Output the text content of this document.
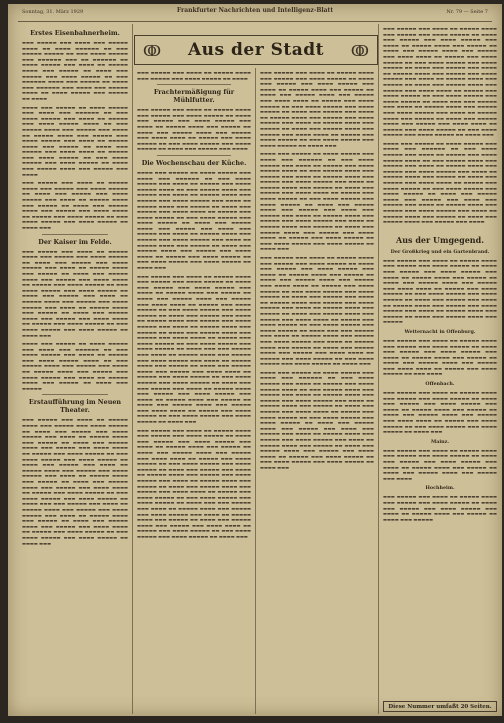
Sonntag, 31. März 1929	Frankfurter Nachrichten und Intelligenz-Blatt	Nr. 79 — Seite 7
ↂ	Aus der Stadt	ↂ
Erstes Eisenbahnerheim.

▬▬▬ ▬▬▬▬▬ ▬▬▬ ▬▬▬▬ ▬▬▬ ▬▬▬▬▬ ▬▬▬▬ ▬▬ ▬▬▬▬ ▬▬▬▬▬▬ ▬▬ ▬▬▬ ▬▬▬▬▬ ▬▬▬▬▬ ▬▬ ▬▬▬ ▬▬▬▬ ▬▬▬▬▬ ▬▬▬ ▬▬▬▬▬▬ ▬▬▬ ▬▬ ▬▬▬▬▬▬ ▬▬ ▬▬▬▬ ▬▬▬▬▬ ▬▬▬ ▬▬▬▬ ▬▬ ▬▬▬▬▬ ▬▬▬▬ ▬▬▬ ▬▬▬▬▬ ▬▬ ▬▬▬▬ ▬▬▬ ▬▬▬▬▬ ▬▬▬ ▬▬▬▬ ▬▬▬▬▬ ▬▬ ▬▬▬ ▬▬▬▬▬▬ ▬▬▬▬ ▬▬▬ ▬▬▬▬▬ ▬▬ ▬▬▬▬ ▬▬▬ ▬▬▬▬▬▬ ▬▬▬ ▬▬▬▬ ▬▬▬ ▬▬▬▬▬ ▬▬▬▬ ▬▬ ▬▬▬▬ ▬▬▬▬▬ ▬▬▬ ▬▬▬▬▬ ▬▬ ▬▬▬▬

▬▬▬▬ ▬▬▬ ▬▬▬▬▬ ▬▬ ▬▬▬▬ ▬▬▬▬▬ ▬▬▬ ▬▬▬▬ ▬▬▬ ▬▬▬▬▬▬ ▬▬ ▬▬▬ ▬▬▬▬ ▬▬▬▬▬ ▬▬▬ ▬▬▬▬ ▬▬ ▬▬▬▬▬ ▬▬▬ ▬▬▬▬ ▬▬▬▬▬ ▬▬▬▬ ▬▬ ▬▬▬ ▬▬▬▬▬ ▬▬▬▬ ▬▬▬ ▬▬▬▬▬ ▬▬▬ ▬▬▬▬ ▬▬ ▬▬▬▬▬ ▬▬▬▬ ▬▬▬ ▬▬▬▬▬ ▬▬▬ ▬▬▬▬ ▬▬▬▬▬ ▬▬▬ ▬▬▬▬ ▬▬ ▬▬▬▬▬ ▬▬▬▬ ▬▬▬ ▬▬▬▬▬ ▬▬ ▬▬▬▬ ▬▬▬ ▬▬▬▬▬ ▬▬▬ ▬▬▬▬ ▬▬▬▬ ▬▬ ▬▬▬▬▬ ▬▬▬ ▬▬▬▬ ▬▬▬▬▬ ▬▬ ▬▬▬ ▬▬▬▬ ▬▬▬▬▬ ▬▬▬ ▬▬▬▬ ▬▬▬▬▬ ▬▬ ▬▬▬▬ ▬▬▬ ▬▬▬▬▬ ▬▬▬▬ ▬▬▬ ▬▬▬▬▬ ▬▬▬ ▬▬▬▬

▬▬▬ ▬▬▬▬▬ ▬▬▬ ▬▬▬▬ ▬▬ ▬▬▬▬▬ ▬▬▬▬ ▬▬▬ ▬▬▬▬▬ ▬▬▬ ▬▬▬▬ ▬▬▬▬▬ ▬▬ ▬▬▬▬ ▬▬▬ ▬▬▬▬▬ ▬▬▬ ▬▬▬▬ ▬▬▬▬▬ ▬▬▬ ▬▬▬▬ ▬▬ ▬▬▬▬▬ ▬▬▬▬ ▬▬▬ ▬▬▬▬▬ ▬▬ ▬▬▬▬ ▬▬▬ ▬▬▬▬▬ ▬▬▬▬ ▬▬▬ ▬▬▬▬▬ ▬▬▬ ▬▬▬▬ ▬▬▬▬ ▬▬ ▬▬▬▬▬ ▬▬▬ ▬▬▬▬ ▬▬▬▬▬ ▬▬ ▬▬▬ ▬▬▬▬ ▬▬▬▬▬ ▬▬▬ ▬▬▬▬ ▬▬▬▬▬ ▬▬ ▬▬▬▬ ▬▬▬

Der Kaiser im Felde.

▬▬▬ ▬▬▬▬▬ ▬▬▬ ▬▬▬▬ ▬▬ ▬▬▬▬▬ ▬▬▬▬ ▬▬▬ ▬▬▬▬▬ ▬▬▬ ▬▬▬▬ ▬▬▬▬▬ ▬▬ ▬▬▬▬ ▬▬▬ ▬▬▬▬▬ ▬▬▬ ▬▬▬▬ ▬▬▬▬▬ ▬▬▬ ▬▬▬▬ ▬▬ ▬▬▬▬▬ ▬▬▬▬ ▬▬▬ ▬▬▬▬▬ ▬▬ ▬▬▬▬ ▬▬▬ ▬▬▬▬▬ ▬▬▬▬ ▬▬▬ ▬▬▬▬▬ ▬▬▬ ▬▬▬▬ ▬▬▬▬ ▬▬ ▬▬▬▬▬ ▬▬▬ ▬▬▬▬ ▬▬▬▬▬ ▬▬ ▬▬▬ ▬▬▬▬ ▬▬▬▬▬ ▬▬▬ ▬▬▬▬ ▬▬▬▬▬ ▬▬ ▬▬▬▬ ▬▬▬ ▬▬▬▬▬ ▬▬▬ ▬▬▬▬ ▬▬ ▬▬▬▬▬ ▬▬▬▬ ▬▬▬ ▬▬▬▬▬ ▬▬▬ ▬▬▬▬ ▬▬▬▬▬ ▬▬▬ ▬▬▬▬ ▬▬ ▬▬▬▬▬ ▬▬▬▬ ▬▬▬ ▬▬▬▬▬ ▬▬ ▬▬▬▬ ▬▬▬ ▬▬▬▬▬ ▬▬▬▬ ▬▬▬ ▬▬▬▬▬ ▬▬▬ ▬▬▬▬ ▬▬▬▬ ▬▬ ▬▬▬▬▬ ▬▬▬ ▬▬▬▬ ▬▬▬▬▬ ▬▬ ▬▬▬ ▬▬▬▬ ▬▬▬▬▬ ▬▬▬ ▬▬▬▬ ▬▬▬▬▬ ▬▬ ▬▬▬▬ ▬▬▬

▬▬▬▬ ▬▬▬ ▬▬▬▬▬ ▬▬ ▬▬▬▬ ▬▬▬▬▬ ▬▬▬ ▬▬▬▬ ▬▬▬ ▬▬▬▬▬▬ ▬▬ ▬▬▬ ▬▬▬▬ ▬▬▬▬▬ ▬▬▬ ▬▬▬▬ ▬▬ ▬▬▬▬▬ ▬▬▬ ▬▬▬▬ ▬▬▬▬▬ ▬▬▬▬ ▬▬ ▬▬▬ ▬▬▬▬▬ ▬▬▬▬ ▬▬▬ ▬▬▬▬▬ ▬▬▬ ▬▬▬▬ ▬▬ ▬▬▬▬▬ ▬▬▬▬ ▬▬▬ ▬▬▬▬▬ ▬▬▬ ▬▬▬▬ ▬▬▬▬▬ ▬▬▬ ▬▬▬▬ ▬▬ ▬▬▬▬▬ ▬▬▬▬ ▬▬▬ ▬▬▬▬▬ ▬▬ ▬▬▬▬ ▬▬▬ ▬▬▬▬▬

Erstaufführung im Neuen Theater.

▬▬▬ ▬▬▬▬▬ ▬▬▬ ▬▬▬▬ ▬▬ ▬▬▬▬▬ ▬▬▬▬ ▬▬▬ ▬▬▬▬▬ ▬▬▬ ▬▬▬▬ ▬▬▬▬▬ ▬▬ ▬▬▬▬ ▬▬▬ ▬▬▬▬▬ ▬▬▬ ▬▬▬▬ ▬▬▬▬▬ ▬▬▬ ▬▬▬▬ ▬▬ ▬▬▬▬▬ ▬▬▬▬ ▬▬▬ ▬▬▬▬▬ ▬▬ ▬▬▬▬ ▬▬▬ ▬▬▬▬▬ ▬▬▬▬ ▬▬▬ ▬▬▬▬▬ ▬▬▬ ▬▬▬▬ ▬▬▬▬ ▬▬ ▬▬▬▬▬ ▬▬▬ ▬▬▬▬ ▬▬▬▬▬ ▬▬ ▬▬▬ ▬▬▬▬ ▬▬▬▬▬ ▬▬▬ ▬▬▬▬ ▬▬▬▬▬ ▬▬ ▬▬▬▬ ▬▬▬ ▬▬▬▬▬ ▬▬▬ ▬▬▬▬ ▬▬ ▬▬▬▬▬ ▬▬▬▬ ▬▬▬ ▬▬▬▬▬ ▬▬▬ ▬▬▬▬ ▬▬▬▬▬ ▬▬▬ ▬▬▬▬ ▬▬ ▬▬▬▬▬ ▬▬▬▬ ▬▬▬ ▬▬▬▬▬ ▬▬ ▬▬▬▬ ▬▬▬ ▬▬▬▬▬ ▬▬▬▬ ▬▬▬ ▬▬▬▬▬ ▬▬▬ ▬▬▬▬ ▬▬▬▬ ▬▬ ▬▬▬▬▬ ▬▬▬ ▬▬▬▬ ▬▬▬▬▬ ▬▬ ▬▬▬ ▬▬▬▬ ▬▬▬▬▬ ▬▬▬ ▬▬▬▬ ▬▬▬▬▬ ▬▬ ▬▬▬▬ ▬▬▬ ▬▬▬ ▬▬▬▬▬ ▬▬▬ ▬▬▬▬ ▬▬ ▬▬▬▬▬ ▬▬▬▬ ▬▬▬ ▬▬▬▬▬ ▬▬▬ ▬▬▬▬ ▬▬▬▬▬ ▬▬▬ ▬▬▬▬ ▬▬ ▬▬▬▬▬ ▬▬▬▬ ▬▬▬ ▬▬▬▬▬ ▬▬ ▬▬▬▬ ▬▬▬ ▬▬▬▬▬ ▬▬▬▬ ▬▬▬ ▬▬▬▬▬ ▬▬▬ ▬▬▬▬ ▬▬▬▬ ▬▬ ▬▬▬▬▬ ▬▬▬ ▬▬▬▬ ▬▬▬▬▬ ▬▬ ▬▬▬ ▬▬▬▬ ▬▬▬▬▬ ▬▬▬ ▬▬▬▬ ▬▬▬▬▬ ▬▬ ▬▬▬▬ ▬▬▬

▬▬▬ ▬▬▬▬▬ ▬▬▬ ▬▬▬▬ ▬▬ ▬▬▬▬▬ ▬▬▬▬ ▬▬▬ ▬▬▬▬▬ ▬▬▬ ▬▬▬▬ ▬▬▬▬▬ ▬▬ ▬▬▬▬

Frachtermäßigung für Mühlfutter.

▬▬▬ ▬▬▬▬▬ ▬▬▬ ▬▬▬▬ ▬▬ ▬▬▬▬▬ ▬▬▬▬ ▬▬▬ ▬▬▬▬▬ ▬▬▬ ▬▬▬▬ ▬▬▬▬▬ ▬▬ ▬▬▬▬ ▬▬▬ ▬▬▬▬▬ ▬▬▬ ▬▬▬▬ ▬▬▬▬▬ ▬▬▬ ▬▬▬▬ ▬▬ ▬▬▬▬▬ ▬▬▬▬ ▬▬▬ ▬▬▬▬▬ ▬▬ ▬▬▬▬ ▬▬▬ ▬▬▬▬▬ ▬▬▬▬ ▬▬▬ ▬▬▬▬▬ ▬▬▬ ▬▬▬▬ ▬▬▬▬ ▬▬ ▬▬▬▬▬ ▬▬▬ ▬▬▬▬ ▬▬▬▬▬ ▬▬ ▬▬▬ ▬▬▬▬ ▬▬▬▬▬ ▬▬▬ ▬▬▬▬ ▬▬▬▬▬ ▬▬ ▬▬▬▬ ▬▬▬ ▬▬▬▬▬ ▬▬▬ ▬▬▬▬

Die Wochenschau der Küche.

▬▬▬▬ ▬▬▬ ▬▬▬▬▬ ▬▬ ▬▬▬▬ ▬▬▬▬▬ ▬▬▬ ▬▬▬▬ ▬▬▬ ▬▬▬▬▬▬ ▬▬ ▬▬▬ ▬▬▬▬ ▬▬▬▬▬ ▬▬▬ ▬▬▬▬ ▬▬ ▬▬▬▬▬ ▬▬▬ ▬▬▬▬ ▬▬▬▬▬ ▬▬▬▬ ▬▬ ▬▬▬ ▬▬▬▬▬ ▬▬▬▬ ▬▬▬ ▬▬▬▬▬ ▬▬▬ ▬▬▬▬ ▬▬ ▬▬▬▬▬ ▬▬▬▬ ▬▬▬ ▬▬▬▬▬ ▬▬▬ ▬▬▬▬ ▬▬▬▬▬ ▬▬▬ ▬▬▬▬ ▬▬ ▬▬▬▬▬ ▬▬▬▬ ▬▬▬ ▬▬▬▬▬ ▬▬ ▬▬▬▬ ▬▬▬ ▬▬▬▬▬ ▬▬▬ ▬▬▬▬ ▬▬▬▬ ▬▬ ▬▬▬▬▬ ▬▬▬ ▬▬▬▬ ▬▬▬▬▬ ▬▬ ▬▬▬ ▬▬▬▬ ▬▬▬▬▬ ▬▬▬ ▬▬▬▬ ▬▬▬▬▬ ▬▬ ▬▬▬▬ ▬▬▬ ▬▬▬▬▬ ▬▬▬▬ ▬▬▬ ▬▬▬▬▬ ▬▬▬ ▬▬▬▬ ▬▬▬ ▬▬▬▬▬ ▬▬▬ ▬▬▬▬ ▬▬ ▬▬▬▬▬ ▬▬▬▬ ▬▬▬ ▬▬▬▬▬ ▬▬▬ ▬▬▬▬ ▬▬▬▬▬ ▬▬▬ ▬▬▬▬ ▬▬ ▬▬▬▬▬ ▬▬▬▬ ▬▬▬ ▬▬▬▬▬ ▬▬ ▬▬▬▬ ▬▬▬ ▬▬▬▬▬ ▬▬▬▬ ▬▬▬ ▬▬▬▬▬ ▬▬▬ ▬▬▬▬ ▬▬▬▬ ▬▬ ▬▬▬▬▬ ▬▬▬ ▬▬▬▬ ▬▬▬▬▬ ▬▬ ▬▬▬ ▬▬▬▬ ▬▬▬▬▬ ▬▬▬ ▬▬▬▬ ▬▬▬▬▬ ▬▬ ▬▬▬▬ ▬▬▬

▬▬▬ ▬▬▬▬▬ ▬▬▬ ▬▬▬▬ ▬▬ ▬▬▬▬▬ ▬▬▬▬ ▬▬▬ ▬▬▬▬▬ ▬▬▬ ▬▬▬▬ ▬▬▬▬▬ ▬▬ ▬▬▬▬ ▬▬▬ ▬▬▬▬▬ ▬▬▬ ▬▬▬▬ ▬▬▬▬▬ ▬▬▬ ▬▬▬▬ ▬▬ ▬▬▬▬▬ ▬▬▬▬ ▬▬▬ ▬▬▬▬▬ ▬▬ ▬▬▬▬ ▬▬▬ ▬▬▬▬▬ ▬▬▬▬ ▬▬▬ ▬▬▬▬▬ ▬▬▬ ▬▬▬▬ ▬▬▬▬ ▬▬ ▬▬▬▬▬ ▬▬▬ ▬▬▬▬ ▬▬▬▬▬ ▬▬ ▬▬▬ ▬▬▬▬ ▬▬▬▬▬ ▬▬▬ ▬▬▬▬ ▬▬▬▬▬ ▬▬ ▬▬▬▬ ▬▬▬ ▬▬▬▬▬ ▬▬▬ ▬▬▬▬ ▬▬ ▬▬▬▬▬ ▬▬▬▬ ▬▬▬ ▬▬▬▬▬ ▬▬▬ ▬▬▬▬ ▬▬▬▬▬ ▬▬▬ ▬▬▬▬ ▬▬ ▬▬▬▬▬ ▬▬▬▬ ▬▬▬ ▬▬▬▬▬ ▬▬ ▬▬▬▬ ▬▬▬ ▬▬▬▬▬ ▬▬▬▬ ▬▬▬ ▬▬▬▬▬ ▬▬▬ ▬▬▬▬ ▬▬▬▬ ▬▬ ▬▬▬▬▬ ▬▬▬ ▬▬▬▬ ▬▬▬▬▬ ▬▬ ▬▬▬ ▬▬▬▬ ▬▬▬▬▬ ▬▬▬ ▬▬▬▬ ▬▬▬▬▬ ▬▬ ▬▬▬▬ ▬▬▬ ▬▬▬ ▬▬▬▬▬ ▬▬▬ ▬▬▬▬ ▬▬ ▬▬▬▬▬ ▬▬▬▬ ▬▬▬ ▬▬▬▬▬ ▬▬▬ ▬▬▬▬ ▬▬▬▬▬ ▬▬▬ ▬▬▬▬ ▬▬ ▬▬▬▬▬ ▬▬▬▬ ▬▬▬ ▬▬▬▬▬ ▬▬ ▬▬▬▬ ▬▬▬ ▬▬▬▬▬ ▬▬▬▬ ▬▬▬ ▬▬▬▬▬ ▬▬▬ ▬▬▬▬ ▬▬▬▬ ▬▬ ▬▬▬▬▬ ▬▬▬ ▬▬▬▬ ▬▬▬▬▬ ▬▬ ▬▬▬ ▬▬▬▬ ▬▬▬▬▬ ▬▬▬ ▬▬▬▬ ▬▬▬▬▬ ▬▬ ▬▬▬▬ ▬▬▬ ▬▬▬ ▬▬▬▬▬ ▬▬▬ ▬▬▬▬ ▬▬ ▬▬▬▬▬ ▬▬▬▬ ▬▬▬ ▬▬▬▬▬ ▬▬▬ ▬▬▬▬ ▬▬▬▬▬ ▬▬▬ ▬▬▬▬ ▬▬ ▬▬▬▬▬ ▬▬▬▬ ▬▬▬ ▬▬▬▬▬ ▬▬ ▬▬▬▬ ▬▬▬ ▬▬▬▬▬ ▬▬▬▬ ▬▬▬ ▬▬▬▬▬ ▬▬▬ ▬▬▬▬ ▬▬▬▬ ▬▬ ▬▬▬▬▬ ▬▬▬ ▬▬▬▬ ▬▬▬▬▬ ▬▬ ▬▬▬ ▬▬▬▬ ▬▬▬▬▬ ▬▬▬ ▬▬▬▬ ▬▬▬▬▬ ▬▬ ▬▬▬▬ ▬▬▬

▬▬▬ ▬▬▬▬▬ ▬▬▬ ▬▬▬▬ ▬▬ ▬▬▬▬▬ ▬▬▬▬ ▬▬▬ ▬▬▬▬▬ ▬▬▬ ▬▬▬▬ ▬▬▬▬▬ ▬▬ ▬▬▬▬ ▬▬▬ ▬▬▬▬▬ ▬▬▬ ▬▬▬▬ ▬▬▬▬▬ ▬▬▬ ▬▬▬▬ ▬▬ ▬▬▬▬▬ ▬▬▬▬ ▬▬▬ ▬▬▬▬▬ ▬▬ ▬▬▬▬ ▬▬▬ ▬▬▬▬▬ ▬▬▬▬ ▬▬▬ ▬▬▬▬▬ ▬▬▬ ▬▬▬▬ ▬▬▬▬ ▬▬ ▬▬▬▬▬ ▬▬▬ ▬▬▬▬ ▬▬▬▬▬ ▬▬ ▬▬▬ ▬▬▬▬ ▬▬▬▬▬ ▬▬▬ ▬▬▬▬ ▬▬▬▬▬ ▬▬ ▬▬▬▬ ▬▬▬ ▬▬▬▬▬ ▬▬▬ ▬▬▬▬ ▬▬ ▬▬▬▬▬ ▬▬▬▬ ▬▬▬ ▬▬▬▬▬ ▬▬▬ ▬▬▬▬ ▬▬▬▬▬ ▬▬▬ ▬▬▬▬ ▬▬ ▬▬▬▬▬ ▬▬▬▬ ▬▬▬ ▬▬▬▬▬ ▬▬ ▬▬▬▬ ▬▬▬ ▬▬▬▬▬ ▬▬▬▬ ▬▬▬ ▬▬▬▬▬ ▬▬▬ ▬▬▬▬ ▬▬▬▬ ▬▬ ▬▬▬▬▬ ▬▬▬ ▬▬▬▬ ▬▬▬▬▬ ▬▬ ▬▬▬ ▬▬▬▬ ▬▬▬▬▬ ▬▬▬ ▬▬▬▬ ▬▬▬▬▬ ▬▬ ▬▬▬▬ ▬▬▬ ▬▬▬ ▬▬▬▬▬ ▬▬▬ ▬▬▬▬ ▬▬ ▬▬▬▬▬ ▬▬▬▬ ▬▬▬ ▬▬▬▬▬ ▬▬▬ ▬▬▬▬ ▬▬▬▬▬ ▬▬▬ ▬▬▬▬ ▬▬ ▬▬▬▬▬ ▬▬▬▬ ▬▬▬ ▬▬▬▬▬ ▬▬ ▬▬▬▬ ▬▬▬ ▬▬▬▬▬ ▬▬▬▬ ▬▬▬ ▬▬▬▬▬ ▬▬▬ ▬▬▬▬ ▬▬▬▬ ▬▬ ▬▬▬▬▬ ▬▬▬ ▬▬▬▬ ▬▬▬▬▬ ▬▬ ▬▬▬ ▬▬▬▬ ▬▬▬▬▬ ▬▬▬ ▬▬▬▬ ▬▬▬▬▬ ▬▬ ▬▬▬▬ ▬▬▬

▬▬▬ ▬▬▬▬▬ ▬▬▬ ▬▬▬▬ ▬▬ ▬▬▬▬▬ ▬▬▬▬ ▬▬▬ ▬▬▬▬▬ ▬▬▬ ▬▬▬▬ ▬▬▬▬▬ ▬▬ ▬▬▬▬ ▬▬▬ ▬▬▬▬▬ ▬▬▬ ▬▬▬▬ ▬▬▬▬▬ ▬▬▬ ▬▬▬▬ ▬▬ ▬▬▬▬▬ ▬▬▬▬ ▬▬▬ ▬▬▬▬▬ ▬▬ ▬▬▬▬ ▬▬▬ ▬▬▬▬▬ ▬▬▬▬ ▬▬▬ ▬▬▬▬▬ ▬▬▬ ▬▬▬▬ ▬▬▬▬ ▬▬ ▬▬▬▬▬ ▬▬▬ ▬▬▬▬ ▬▬▬▬▬ ▬▬ ▬▬▬ ▬▬▬▬ ▬▬▬▬▬ ▬▬▬ ▬▬▬▬ ▬▬▬▬▬ ▬▬ ▬▬▬▬ ▬▬▬ ▬▬▬▬▬ ▬▬▬ ▬▬▬▬ ▬▬ ▬▬▬▬▬ ▬▬▬▬ ▬▬▬ ▬▬▬▬▬ ▬▬▬ ▬▬▬▬ ▬▬▬▬▬ ▬▬▬ ▬▬▬▬ ▬▬ ▬▬▬▬▬ ▬▬▬▬ ▬▬▬ ▬▬▬▬▬ ▬▬ ▬▬▬▬ ▬▬▬ ▬▬▬▬▬ ▬▬▬▬ ▬▬▬ ▬▬▬▬▬ ▬▬▬ ▬▬▬▬ ▬▬▬▬ ▬▬ ▬▬▬▬▬ ▬▬▬ ▬▬▬▬ ▬▬▬▬▬ ▬▬ ▬▬▬ ▬▬▬▬ ▬▬▬▬▬ ▬▬▬ ▬▬▬▬ ▬▬▬▬▬ ▬▬ ▬▬▬▬ ▬▬▬

▬▬▬▬ ▬▬▬ ▬▬▬▬▬ ▬▬ ▬▬▬▬ ▬▬▬▬▬ ▬▬▬ ▬▬▬▬ ▬▬▬ ▬▬▬▬▬▬ ▬▬ ▬▬▬ ▬▬▬▬ ▬▬▬▬▬ ▬▬▬ ▬▬▬▬ ▬▬ ▬▬▬▬▬ ▬▬▬ ▬▬▬▬ ▬▬▬▬▬ ▬▬▬▬ ▬▬ ▬▬▬ ▬▬▬▬▬ ▬▬▬▬ ▬▬▬ ▬▬▬▬▬ ▬▬▬ ▬▬▬▬ ▬▬ ▬▬▬▬▬ ▬▬▬▬ ▬▬▬ ▬▬▬▬▬ ▬▬▬ ▬▬▬▬ ▬▬▬▬▬ ▬▬▬ ▬▬▬▬ ▬▬ ▬▬▬▬▬ ▬▬▬▬ ▬▬▬ ▬▬▬▬▬ ▬▬ ▬▬▬▬ ▬▬▬ ▬▬▬▬▬ ▬▬▬ ▬▬▬▬ ▬▬▬▬ ▬▬ ▬▬▬▬▬ ▬▬▬ ▬▬▬▬ ▬▬▬▬▬ ▬▬ ▬▬▬ ▬▬▬▬ ▬▬▬▬▬ ▬▬▬ ▬▬▬▬ ▬▬▬▬▬ ▬▬ ▬▬▬▬ ▬▬▬ ▬▬▬▬▬ ▬▬▬▬ ▬▬▬ ▬▬▬▬▬ ▬▬▬ ▬▬▬▬ ▬▬▬ ▬▬▬▬▬ ▬▬▬ ▬▬▬▬ ▬▬ ▬▬▬▬▬ ▬▬▬▬ ▬▬▬ ▬▬▬▬▬ ▬▬▬ ▬▬▬▬ ▬▬▬▬▬ ▬▬▬ ▬▬▬▬ ▬▬ ▬▬▬▬▬ ▬▬▬▬ ▬▬▬ ▬▬▬▬▬ ▬▬ ▬▬▬▬ ▬▬▬ ▬▬▬▬▬ ▬▬▬▬ ▬▬▬ ▬▬▬▬▬ ▬▬▬ ▬▬▬▬ ▬▬▬▬ ▬▬ ▬▬▬▬▬ ▬▬▬ ▬▬▬▬ ▬▬▬▬▬ ▬▬ ▬▬▬ ▬▬▬▬ ▬▬▬▬▬ ▬▬▬ ▬▬▬▬ ▬▬▬▬▬ ▬▬ ▬▬▬▬ ▬▬▬

▬▬▬ ▬▬▬▬▬ ▬▬▬ ▬▬▬▬ ▬▬ ▬▬▬▬▬ ▬▬▬▬ ▬▬▬ ▬▬▬▬▬ ▬▬▬ ▬▬▬▬ ▬▬▬▬▬ ▬▬ ▬▬▬▬ ▬▬▬ ▬▬▬▬▬ ▬▬▬ ▬▬▬▬ ▬▬▬▬▬ ▬▬▬ ▬▬▬▬ ▬▬ ▬▬▬▬▬ ▬▬▬▬ ▬▬▬ ▬▬▬▬▬ ▬▬ ▬▬▬▬ ▬▬▬ ▬▬▬▬▬ ▬▬▬▬ ▬▬▬ ▬▬▬▬▬ ▬▬▬ ▬▬▬▬ ▬▬▬▬ ▬▬ ▬▬▬▬▬ ▬▬▬ ▬▬▬▬ ▬▬▬▬▬ ▬▬ ▬▬▬ ▬▬▬▬ ▬▬▬▬▬ ▬▬▬ ▬▬▬▬ ▬▬▬▬▬ ▬▬ ▬▬▬▬ ▬▬▬ ▬▬▬▬▬ ▬▬▬ ▬▬▬▬ ▬▬ ▬▬▬▬▬ ▬▬▬▬ ▬▬▬ ▬▬▬▬▬ ▬▬▬ ▬▬▬▬ ▬▬▬▬▬ ▬▬▬ ▬▬▬▬ ▬▬ ▬▬▬▬▬ ▬▬▬▬ ▬▬▬ ▬▬▬▬▬ ▬▬ ▬▬▬▬ ▬▬▬ ▬▬▬▬▬ ▬▬▬▬ ▬▬▬ ▬▬▬▬▬ ▬▬▬ ▬▬▬▬ ▬▬▬▬ ▬▬ ▬▬▬▬▬ ▬▬▬ ▬▬▬▬ ▬▬▬▬▬ ▬▬ ▬▬▬ ▬▬▬▬ ▬▬▬▬▬ ▬▬▬ ▬▬▬▬ ▬▬▬▬▬ ▬▬ ▬▬▬▬ ▬▬▬ ▬▬▬ ▬▬▬▬▬ ▬▬▬ ▬▬▬▬ ▬▬ ▬▬▬▬▬ ▬▬▬▬ ▬▬▬ ▬▬▬▬▬ ▬▬▬ ▬▬▬▬ ▬▬▬▬▬ ▬▬▬ ▬▬▬▬ ▬▬ ▬▬▬▬▬ ▬▬▬▬ ▬▬▬ ▬▬▬▬▬ ▬▬ ▬▬▬▬ ▬▬▬ ▬▬▬▬▬ ▬▬▬▬ ▬▬▬ ▬▬▬▬▬ ▬▬▬ ▬▬▬▬ ▬▬▬▬ ▬▬ ▬▬▬▬▬ ▬▬▬ ▬▬▬▬ ▬▬▬▬▬ ▬▬ ▬▬▬ ▬▬▬▬ ▬▬▬▬▬ ▬▬▬ ▬▬▬▬ ▬▬▬▬▬ ▬▬ ▬▬▬▬ ▬▬▬

▬▬▬▬ ▬▬▬ ▬▬▬▬▬ ▬▬ ▬▬▬▬ ▬▬▬▬▬ ▬▬▬ ▬▬▬▬ ▬▬▬ ▬▬▬▬▬▬ ▬▬ ▬▬▬ ▬▬▬▬ ▬▬▬▬▬ ▬▬▬ ▬▬▬▬ ▬▬ ▬▬▬▬▬ ▬▬▬ ▬▬▬▬ ▬▬▬▬▬ ▬▬▬▬ ▬▬ ▬▬▬ ▬▬▬▬▬ ▬▬▬▬ ▬▬▬ ▬▬▬▬▬ ▬▬▬ ▬▬▬▬ ▬▬ ▬▬▬▬▬ ▬▬▬▬ ▬▬▬ ▬▬▬▬▬ ▬▬▬ ▬▬▬▬ ▬▬▬▬▬ ▬▬▬ ▬▬▬▬ ▬▬ ▬▬▬▬▬ ▬▬▬▬ ▬▬▬ ▬▬▬▬▬ ▬▬ ▬▬▬▬ ▬▬▬ ▬▬▬▬▬ ▬▬▬ ▬▬▬▬ ▬▬▬▬ ▬▬ ▬▬▬▬▬ ▬▬▬ ▬▬▬▬ ▬▬▬▬▬ ▬▬ ▬▬▬ ▬▬▬▬ ▬▬▬▬▬ ▬▬▬ ▬▬▬▬ ▬▬▬▬▬ ▬▬ ▬▬▬▬ ▬▬▬ ▬▬▬▬▬ ▬▬▬▬ ▬▬▬ ▬▬▬▬▬ ▬▬▬ ▬▬▬▬ ▬▬▬ ▬▬▬▬▬ ▬▬▬ ▬▬▬▬ ▬▬ ▬▬▬▬▬ ▬▬▬▬ ▬▬▬ ▬▬▬▬▬ ▬▬▬ ▬▬▬▬ ▬▬▬▬▬ ▬▬▬ ▬▬▬▬ ▬▬ ▬▬▬▬▬ ▬▬▬▬ ▬▬▬ ▬▬▬▬▬ ▬▬ ▬▬▬▬ ▬▬▬ ▬▬▬▬▬ ▬▬▬▬ ▬▬▬ ▬▬▬▬▬ ▬▬▬ ▬▬▬▬ ▬▬▬▬ ▬▬ ▬▬▬▬▬ ▬▬▬ ▬▬▬▬ ▬▬▬▬▬ ▬▬ ▬▬▬ ▬▬▬▬ ▬▬▬▬▬ ▬▬▬ ▬▬▬▬ ▬▬▬▬▬ ▬▬ ▬▬▬▬ ▬▬▬

▬▬▬ ▬▬▬▬▬ ▬▬▬ ▬▬▬▬ ▬▬ ▬▬▬▬▬ ▬▬▬▬ ▬▬▬ ▬▬▬▬▬ ▬▬▬ ▬▬▬▬ ▬▬▬▬▬ ▬▬ ▬▬▬▬ ▬▬▬ ▬▬▬▬▬ ▬▬▬ ▬▬▬▬ ▬▬▬▬▬ ▬▬▬ ▬▬▬▬ ▬▬ ▬▬▬▬▬ ▬▬▬▬ ▬▬▬ ▬▬▬▬▬ ▬▬ ▬▬▬▬ ▬▬▬ ▬▬▬▬▬ ▬▬▬▬ ▬▬▬ ▬▬▬▬▬ ▬▬▬ ▬▬▬▬ ▬▬▬▬ ▬▬ ▬▬▬▬▬ ▬▬▬ ▬▬▬▬ ▬▬▬▬▬ ▬▬ ▬▬▬ ▬▬▬▬ ▬▬▬▬▬ ▬▬▬ ▬▬▬▬ ▬▬▬▬▬ ▬▬ ▬▬▬▬ ▬▬▬ ▬▬▬▬▬ ▬▬▬ ▬▬▬▬ ▬▬ ▬▬▬▬▬ ▬▬▬▬ ▬▬▬ ▬▬▬▬▬ ▬▬▬ ▬▬▬▬ ▬▬▬▬▬ ▬▬▬ ▬▬▬▬ ▬▬ ▬▬▬▬▬ ▬▬▬▬ ▬▬▬ ▬▬▬▬▬ ▬▬ ▬▬▬▬ ▬▬▬ ▬▬▬▬▬ ▬▬▬▬ ▬▬▬ ▬▬▬▬▬ ▬▬▬ ▬▬▬▬ ▬▬▬▬ ▬▬ ▬▬▬▬▬ ▬▬▬ ▬▬▬▬ ▬▬▬▬▬ ▬▬ ▬▬▬ ▬▬▬▬ ▬▬▬▬▬ ▬▬▬ ▬▬▬▬ ▬▬▬▬▬ ▬▬ ▬▬▬▬ ▬▬▬ ▬▬▬ ▬▬▬▬▬ ▬▬▬ ▬▬▬▬ ▬▬ ▬▬▬▬▬ ▬▬▬▬ ▬▬▬ ▬▬▬▬▬ ▬▬▬ ▬▬▬▬ ▬▬▬▬▬ ▬▬▬ ▬▬▬▬ ▬▬ ▬▬▬▬▬ ▬▬▬▬ ▬▬▬ ▬▬▬▬▬ ▬▬ ▬▬▬▬ ▬▬▬ ▬▬▬▬▬ ▬▬▬▬ ▬▬▬ ▬▬▬▬▬ ▬▬▬ ▬▬▬▬ ▬▬▬▬ ▬▬ ▬▬▬▬▬ ▬▬▬ ▬▬▬▬ ▬▬▬▬▬ ▬▬ ▬▬▬ ▬▬▬▬ ▬▬▬▬▬ ▬▬▬ ▬▬▬▬ ▬▬▬▬▬ ▬▬ ▬▬▬▬ ▬▬▬

▬▬▬▬ ▬▬▬ ▬▬▬▬▬ ▬▬ ▬▬▬▬ ▬▬▬▬▬ ▬▬▬ ▬▬▬▬ ▬▬▬ ▬▬▬▬▬▬ ▬▬ ▬▬▬ ▬▬▬▬ ▬▬▬▬▬ ▬▬▬ ▬▬▬▬ ▬▬ ▬▬▬▬▬ ▬▬▬ ▬▬▬▬ ▬▬▬▬▬ ▬▬▬▬ ▬▬ ▬▬▬ ▬▬▬▬▬ ▬▬▬▬ ▬▬▬ ▬▬▬▬▬ ▬▬▬ ▬▬▬▬ ▬▬ ▬▬▬▬▬ ▬▬▬▬ ▬▬▬ ▬▬▬▬▬ ▬▬▬ ▬▬▬▬ ▬▬▬▬▬ ▬▬▬ ▬▬▬▬ ▬▬ ▬▬▬▬▬ ▬▬▬▬ ▬▬▬ ▬▬▬▬▬ ▬▬ ▬▬▬▬ ▬▬▬ ▬▬▬▬▬ ▬▬▬ ▬▬▬▬ ▬▬▬▬ ▬▬ ▬▬▬▬▬ ▬▬▬ ▬▬▬▬ ▬▬▬▬▬ ▬▬ ▬▬▬ ▬▬▬▬ ▬▬▬▬▬ ▬▬▬ ▬▬▬▬ ▬▬▬▬▬ ▬▬ ▬▬▬▬ ▬▬▬ ▬▬▬▬▬ ▬▬▬▬ ▬▬▬ ▬▬▬▬▬ ▬▬▬ ▬▬▬▬ ▬▬▬ ▬▬▬▬▬ ▬▬▬ ▬▬▬▬ ▬▬ ▬▬▬▬▬ ▬▬▬▬ ▬▬▬ ▬▬▬▬▬ ▬▬▬ ▬▬▬▬ ▬▬▬▬▬ ▬▬▬ ▬▬▬▬ ▬▬ ▬▬▬▬▬ ▬▬▬▬ ▬▬▬ ▬▬▬▬▬ ▬▬ ▬▬▬▬ ▬▬▬ ▬▬▬▬▬ ▬▬▬▬ ▬▬▬ ▬▬▬▬▬ ▬▬▬ ▬▬▬▬

Aus der Umgegend.
Der Großkrieg und ein Gartenbrand.

▬▬▬ ▬▬▬▬▬ ▬▬▬ ▬▬▬▬ ▬▬ ▬▬▬▬▬ ▬▬▬▬ ▬▬▬ ▬▬▬▬▬ ▬▬▬ ▬▬▬▬ ▬▬▬▬▬ ▬▬ ▬▬▬▬ ▬▬▬ ▬▬▬▬▬ ▬▬▬ ▬▬▬▬ ▬▬▬▬▬ ▬▬▬ ▬▬▬▬ ▬▬ ▬▬▬▬▬ ▬▬▬▬ ▬▬▬ ▬▬▬▬▬ ▬▬ ▬▬▬▬ ▬▬▬ ▬▬▬▬▬ ▬▬▬▬ ▬▬▬ ▬▬▬▬▬ ▬▬▬ ▬▬▬▬ ▬▬▬▬ ▬▬ ▬▬▬▬▬ ▬▬▬ ▬▬▬▬ ▬▬▬▬▬ ▬▬ ▬▬▬ ▬▬▬▬ ▬▬▬▬▬ ▬▬▬ ▬▬▬▬ ▬▬▬▬▬ ▬▬ ▬▬▬▬ ▬▬▬ ▬▬▬▬▬ ▬▬▬ ▬▬▬▬ ▬▬ ▬▬▬▬▬ ▬▬▬▬ ▬▬▬ ▬▬▬▬▬ ▬▬▬ ▬▬▬▬ ▬▬▬▬▬ ▬▬▬ ▬▬▬▬ ▬▬ ▬▬▬▬▬ ▬▬▬▬ ▬▬▬ ▬▬▬▬▬ ▬▬ ▬▬▬▬ ▬▬▬ ▬▬▬▬▬ ▬▬▬▬ ▬▬▬ ▬▬▬▬▬

Wetternacht in Offenburg.

▬▬▬ ▬▬▬▬▬ ▬▬▬ ▬▬▬▬ ▬▬ ▬▬▬▬▬ ▬▬▬▬ ▬▬▬ ▬▬▬▬▬ ▬▬▬ ▬▬▬▬ ▬▬▬▬▬ ▬▬ ▬▬▬▬ ▬▬▬ ▬▬▬▬▬ ▬▬▬ ▬▬▬▬ ▬▬▬▬▬ ▬▬▬ ▬▬▬▬ ▬▬ ▬▬▬▬▬ ▬▬▬▬ ▬▬▬ ▬▬▬▬▬ ▬▬ ▬▬▬▬ ▬▬▬ ▬▬▬▬▬ ▬▬▬▬ ▬▬▬ ▬▬▬▬▬ ▬▬▬ ▬▬▬▬ ▬▬▬▬ ▬▬ ▬▬▬▬▬ ▬▬▬ ▬▬▬▬ ▬▬▬▬▬ ▬▬ ▬▬▬ ▬▬▬▬

Offenbach.

▬▬▬ ▬▬▬▬▬ ▬▬▬ ▬▬▬▬ ▬▬ ▬▬▬▬▬ ▬▬▬▬ ▬▬▬ ▬▬▬▬▬ ▬▬▬ ▬▬▬▬ ▬▬▬▬▬ ▬▬ ▬▬▬▬ ▬▬▬ ▬▬▬▬▬ ▬▬▬ ▬▬▬▬ ▬▬▬▬▬ ▬▬▬ ▬▬▬▬ ▬▬ ▬▬▬▬▬ ▬▬▬▬ ▬▬▬ ▬▬▬▬▬ ▬▬ ▬▬▬▬ ▬▬▬ ▬▬▬▬▬ ▬▬▬▬ ▬▬▬ ▬▬▬▬▬ ▬▬▬ ▬▬▬▬ ▬▬▬▬ ▬▬ ▬▬▬▬▬ ▬▬▬ ▬▬▬▬ ▬▬▬▬▬ ▬▬ ▬▬▬ ▬▬▬▬ ▬▬▬▬▬ ▬▬▬ ▬▬▬▬ ▬▬▬▬▬ ▬▬ ▬▬▬▬ ▬▬▬

Mainz.

▬▬▬ ▬▬▬▬▬ ▬▬▬ ▬▬▬▬ ▬▬ ▬▬▬▬▬ ▬▬▬▬ ▬▬▬ ▬▬▬▬▬ ▬▬▬ ▬▬▬▬ ▬▬▬▬▬ ▬▬ ▬▬▬▬ ▬▬▬ ▬▬▬▬▬ ▬▬▬ ▬▬▬▬ ▬▬▬▬▬ ▬▬▬ ▬▬▬▬ ▬▬ ▬▬▬▬▬ ▬▬▬▬ ▬▬▬ ▬▬▬▬▬ ▬▬ ▬▬▬▬ ▬▬▬ ▬▬▬▬▬ ▬▬▬▬ ▬▬▬ ▬▬▬▬▬ ▬▬▬ ▬▬▬▬

Hochheim.

▬▬▬ ▬▬▬▬▬ ▬▬▬ ▬▬▬▬ ▬▬ ▬▬▬▬▬ ▬▬▬▬ ▬▬▬ ▬▬▬▬▬ ▬▬▬ ▬▬▬▬ ▬▬▬▬▬ ▬▬ ▬▬▬▬ ▬▬▬ ▬▬▬▬▬ ▬▬▬ ▬▬▬▬ ▬▬▬▬▬ ▬▬▬ ▬▬▬▬ ▬▬ ▬▬▬▬▬ ▬▬▬▬ ▬▬▬ ▬▬▬▬▬ ▬▬ ▬▬▬▬ ▬▬▬ ▬▬▬▬▬

Diese Nummer umfaßt 20 Seiten.
